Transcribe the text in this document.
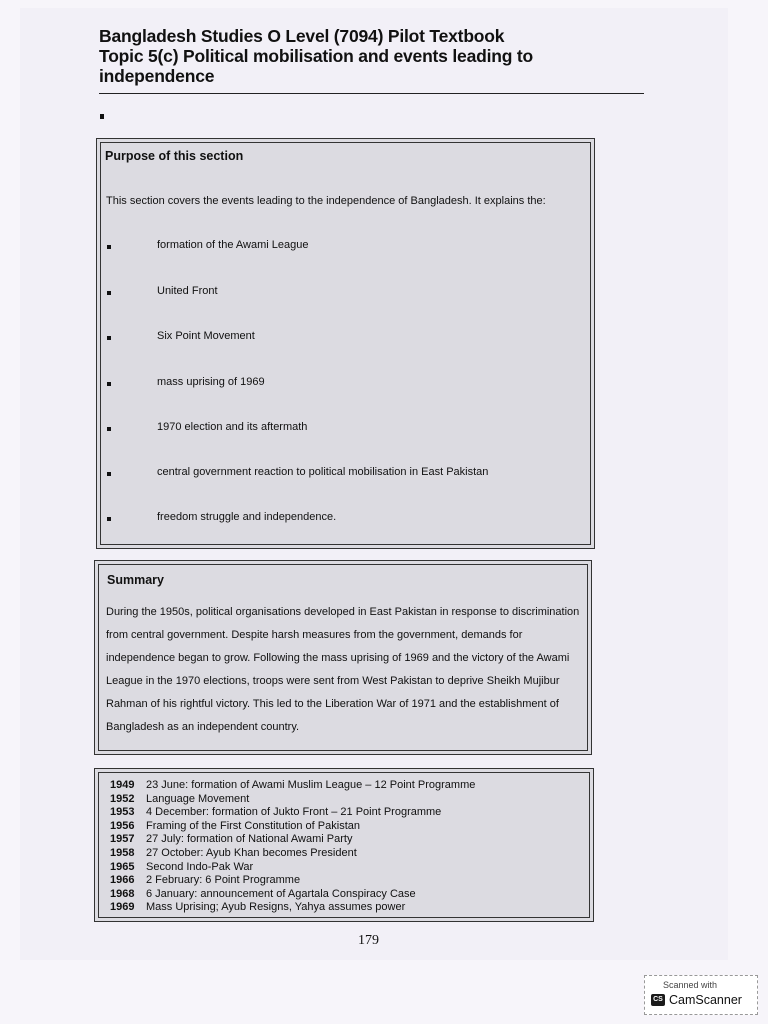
Bangladesh Studies O Level (7094) Pilot Textbook
Topic 5(c) Political mobilisation and events leading to
independence
Purpose of this section
This section covers the events leading to the independence of Bangladesh. It explains the:
formation of the Awami League
United Front
Six Point Movement
mass uprising of 1969
1970 election and its aftermath
central government reaction to political mobilisation in East Pakistan
freedom struggle and independence.
Summary
During the 1950s, political organisations developed in East Pakistan in response to discrimination from central government. Despite harsh measures from the government, demands for independence began to grow. Following the mass uprising of 1969 and the victory of the Awami League in the 1970 elections, troops were sent from West Pakistan to deprive Sheikh Mujibur Rahman of his rightful victory. This led to the Liberation War of 1971 and the establishment of Bangladesh as an independent country.
1949 23 June: formation of Awami Muslim League – 12 Point Programme
1952 Language Movement
1953 4 December: formation of Jukto Front – 21 Point Programme
1956 Framing of the First Constitution of Pakistan
1957 27 July: formation of National Awami Party
1958 27 October: Ayub Khan becomes President
1965 Second Indo-Pak War
1966 2 February: 6 Point Programme
1968 6 January: announcement of Agartala Conspiracy Case
1969 Mass Uprising; Ayub Resigns, Yahya assumes power
179
Scanned with
CS CamScanner
